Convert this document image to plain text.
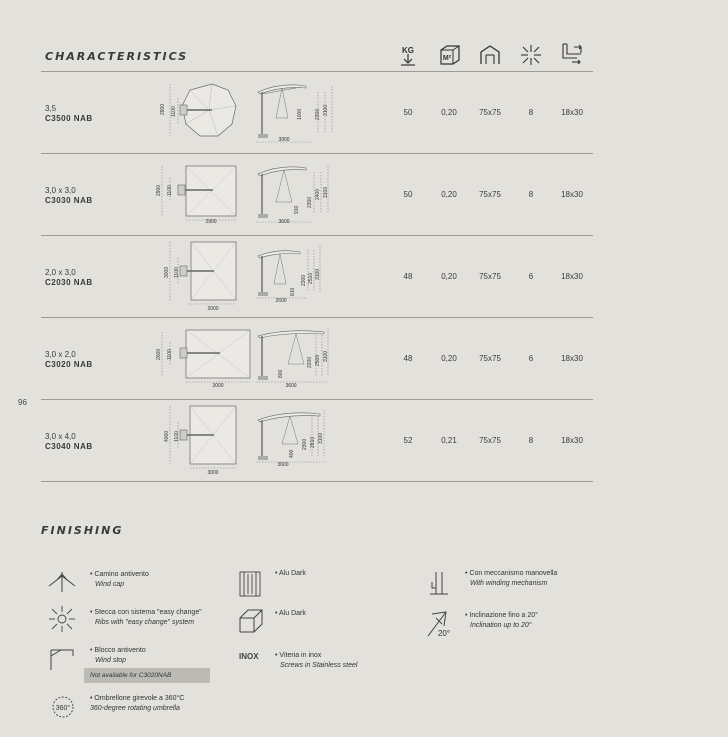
96
CHARACTERISTICS	KG
M²
3,5
C3500 NAB
2900 1100
3900
1000 2300 3100	50	0,20	75x75	8	18x30
3,0 x 3,0
C3030 NAB
2900 1100
2900	3600
910
2300
2400 3100	50	0,20	75x75	8	18x30
2,0 x 3,0
C2030 NAB
3000 1100
2000
2600
810
2300 2510 3100	48	0,20	75x75	6	18x30
3,0 x 2,0
C3020 NAB
2000 1100
3000	3600
800
2200 2500 3100	48	0,20	75x75	6	18x30
3,0 x 4,0
C3040 NAB
4000 1100
3000
3600
400
2300 2810 3100	52	0,21	75x75	8	18x30
FINISHING
• Camino antivento
Wind cap
• Stecca con sistema "easy change"
Ribs with "easy change" system
• Blocco antivento
Wind stop
Not available for C3020NAB
360°
• Ombrellone girevole a 360°C
360-degree rotating umbrella
• Alu Dark
• Alu Dark
INOX • Viteria in inox
Screws in Stainless steel
• Con meccanismo manovella
With winding mechanism
20°
• Inclinazione fino a 20°
Inclination up to 20°
